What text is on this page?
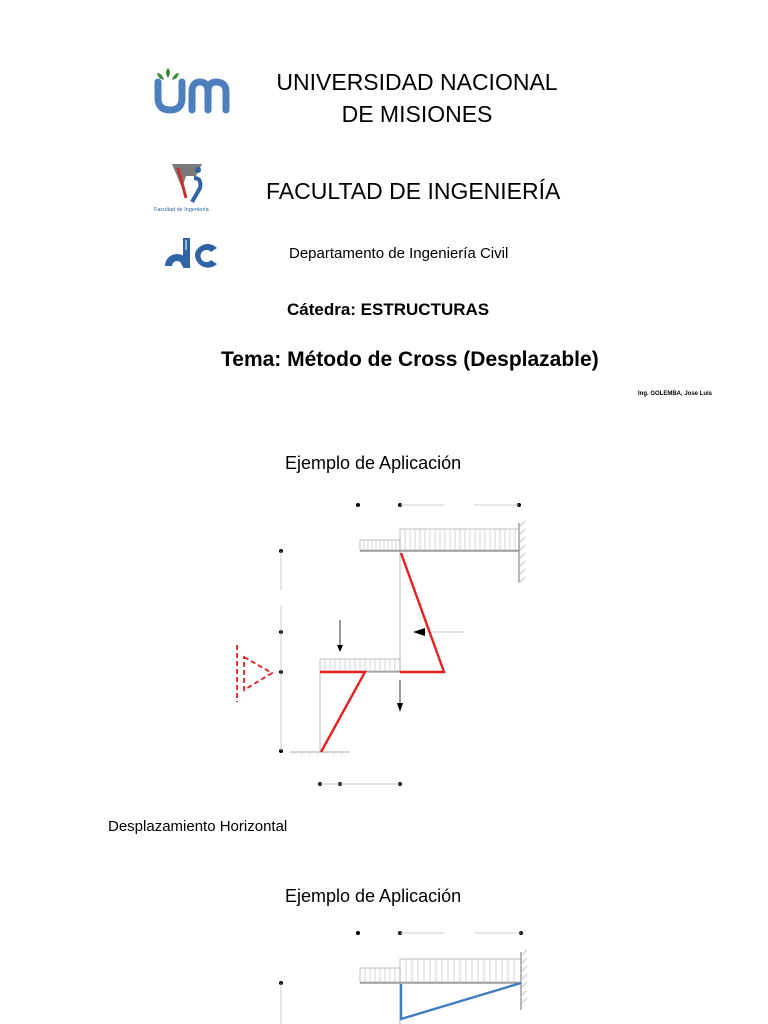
UNIVERSIDAD NACIONAL
DE MISIONES
Facultad de Ingeniería
FACULTAD DE INGENIERÍA
Departamento de Ingeniería Civil
Cátedra: ESTRUCTURAS
Tema: Método de Cross (Desplazable)
Ing. GOLEMBA, Jose Luis
Ejemplo de Aplicación
Desplazamiento Horizontal
Ejemplo de Aplicación
